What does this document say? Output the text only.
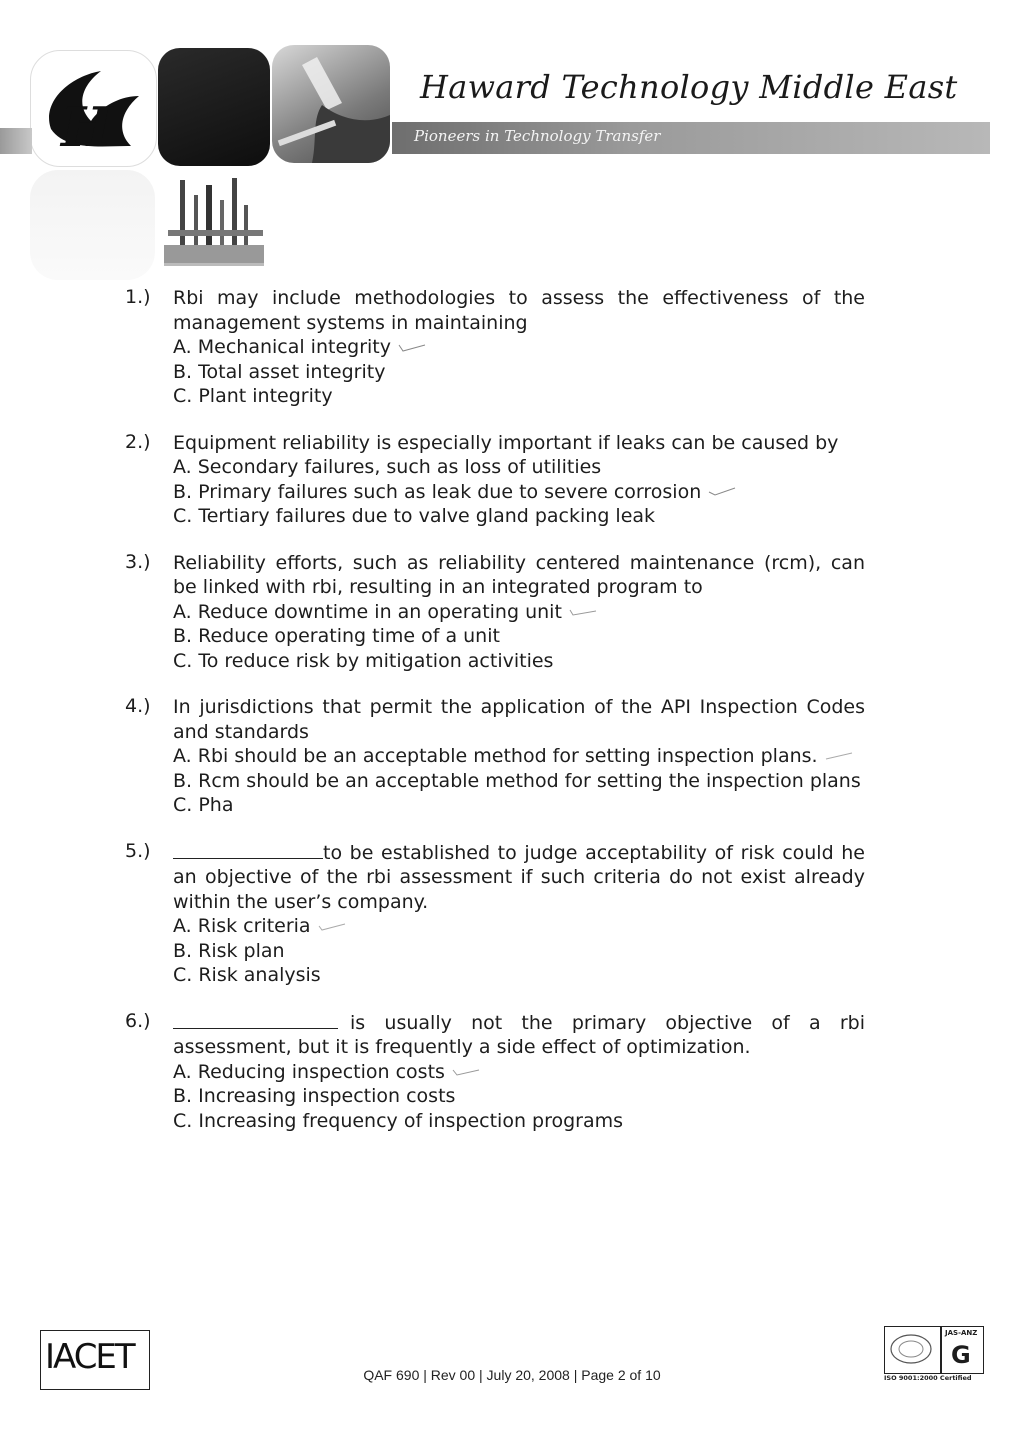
H
Haward Technology Middle East
Pioneers in Technology Transfer
1.) Rbi may include methodologies to assess the effectiveness of the management systems in maintaining
A. Mechanical integrity
B. Total asset integrity
C. Plant integrity
2.) Equipment reliability is especially important if leaks can be caused by
A. Secondary failures, such as loss of utilities
B. Primary failures such as leak due to severe corrosion
C. Tertiary failures due to valve gland packing leak
3.) Reliability efforts, such as reliability centered maintenance (rcm), can be linked with rbi, resulting in an integrated program to
A. Reduce downtime in an operating unit
B. Reduce operating time of a unit
C. To reduce risk by mitigation activities
4.) In jurisdictions that permit the application of the API Inspection Codes and standards
A. Rbi should be an acceptable method for setting inspection plans.
B. Rcm should be an acceptable method for setting the inspection plans
C. Pha
5.)	to be established to judge acceptability of risk could he an objective of the rbi assessment if such criteria do not exist already within the user’s company.
A. Risk criteria
B. Risk plan
C. Risk analysis
6.)	is usually not the primary objective of a rbi assessment, but it is frequently a side effect of optimization.
A. Reducing inspection costs
B. Increasing inspection costs
C. Increasing frequency of inspection programs
IACET	QAF 690 | Rev 00 | July 20, 2008 | Page 2 of 10
JAS-ANZ
G
ISO 9001:2000 Certified
